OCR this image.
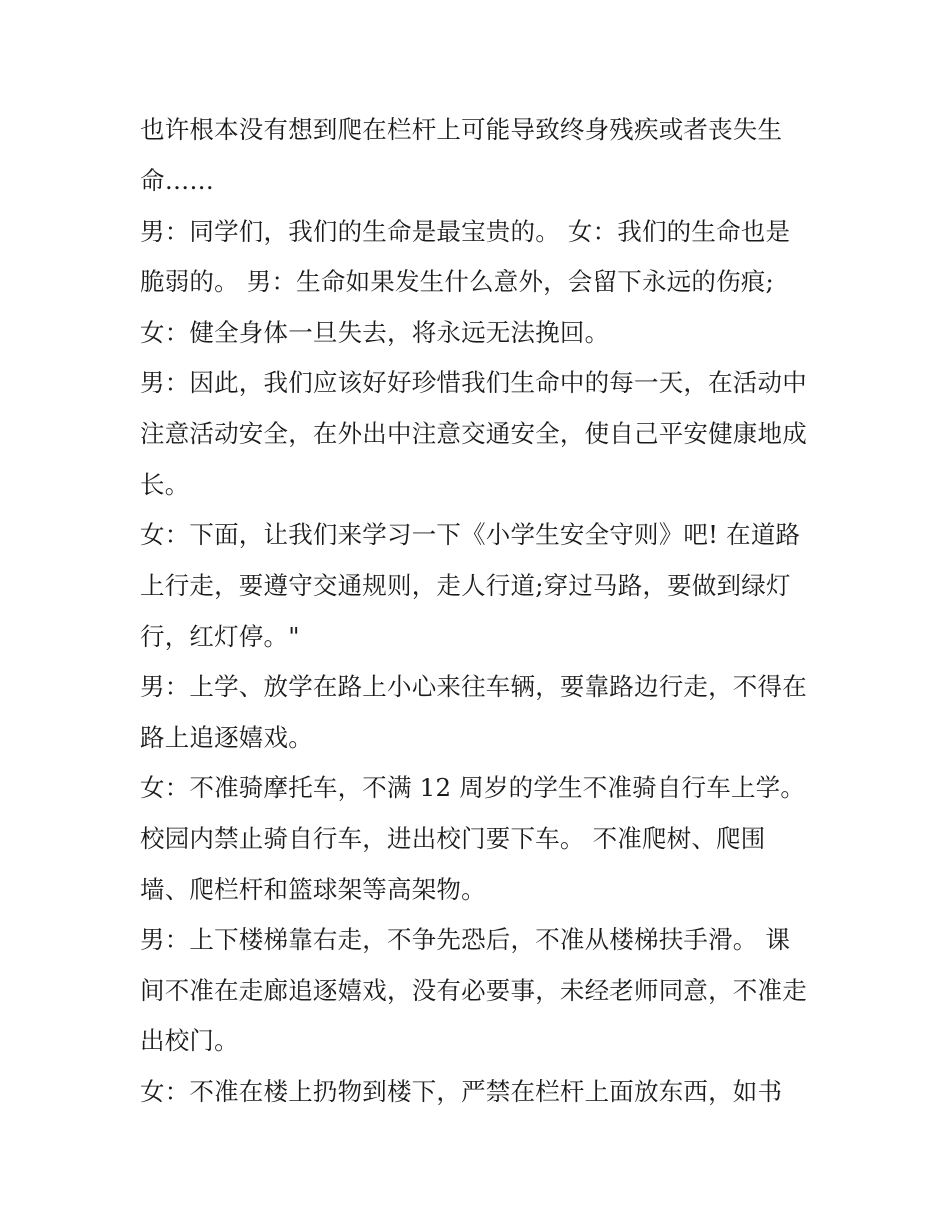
也许根本没有想到爬在栏杆上可能导致终身残疾或者丧失生
命……
男：同学们，我们的生命是最宝贵的。 女：我们的生命也是
脆弱的。 男：生命如果发生什么意外，会留下永远的伤痕;
女：健全身体一旦失去，将永远无法挽回。
男：因此，我们应该好好珍惜我们生命中的每一天，在活动中
注意活动安全，在外出中注意交通安全，使自己平安健康地成
长。
女：下面，让我们来学习一下《小学生安全守则》吧! 在道路
上行走，要遵守交通规则，走人行道;穿过马路，要做到绿灯
行，红灯停。"
男：上学、放学在路上小心来往车辆，要靠路边行走，不得在
路上追逐嬉戏。
女：不准骑摩托车，不满 12 周岁的学生不准骑自行车上学。
校园内禁止骑自行车，进出校门要下车。 不准爬树、爬围
墙、爬栏杆和篮球架等高架物。
男：上下楼梯靠右走，不争先恐后，不准从楼梯扶手滑。 课
间不准在走廊追逐嬉戏，没有必要事，未经老师同意，不准走
出校门。
女：不准在楼上扔物到楼下，严禁在栏杆上面放东西，如书
